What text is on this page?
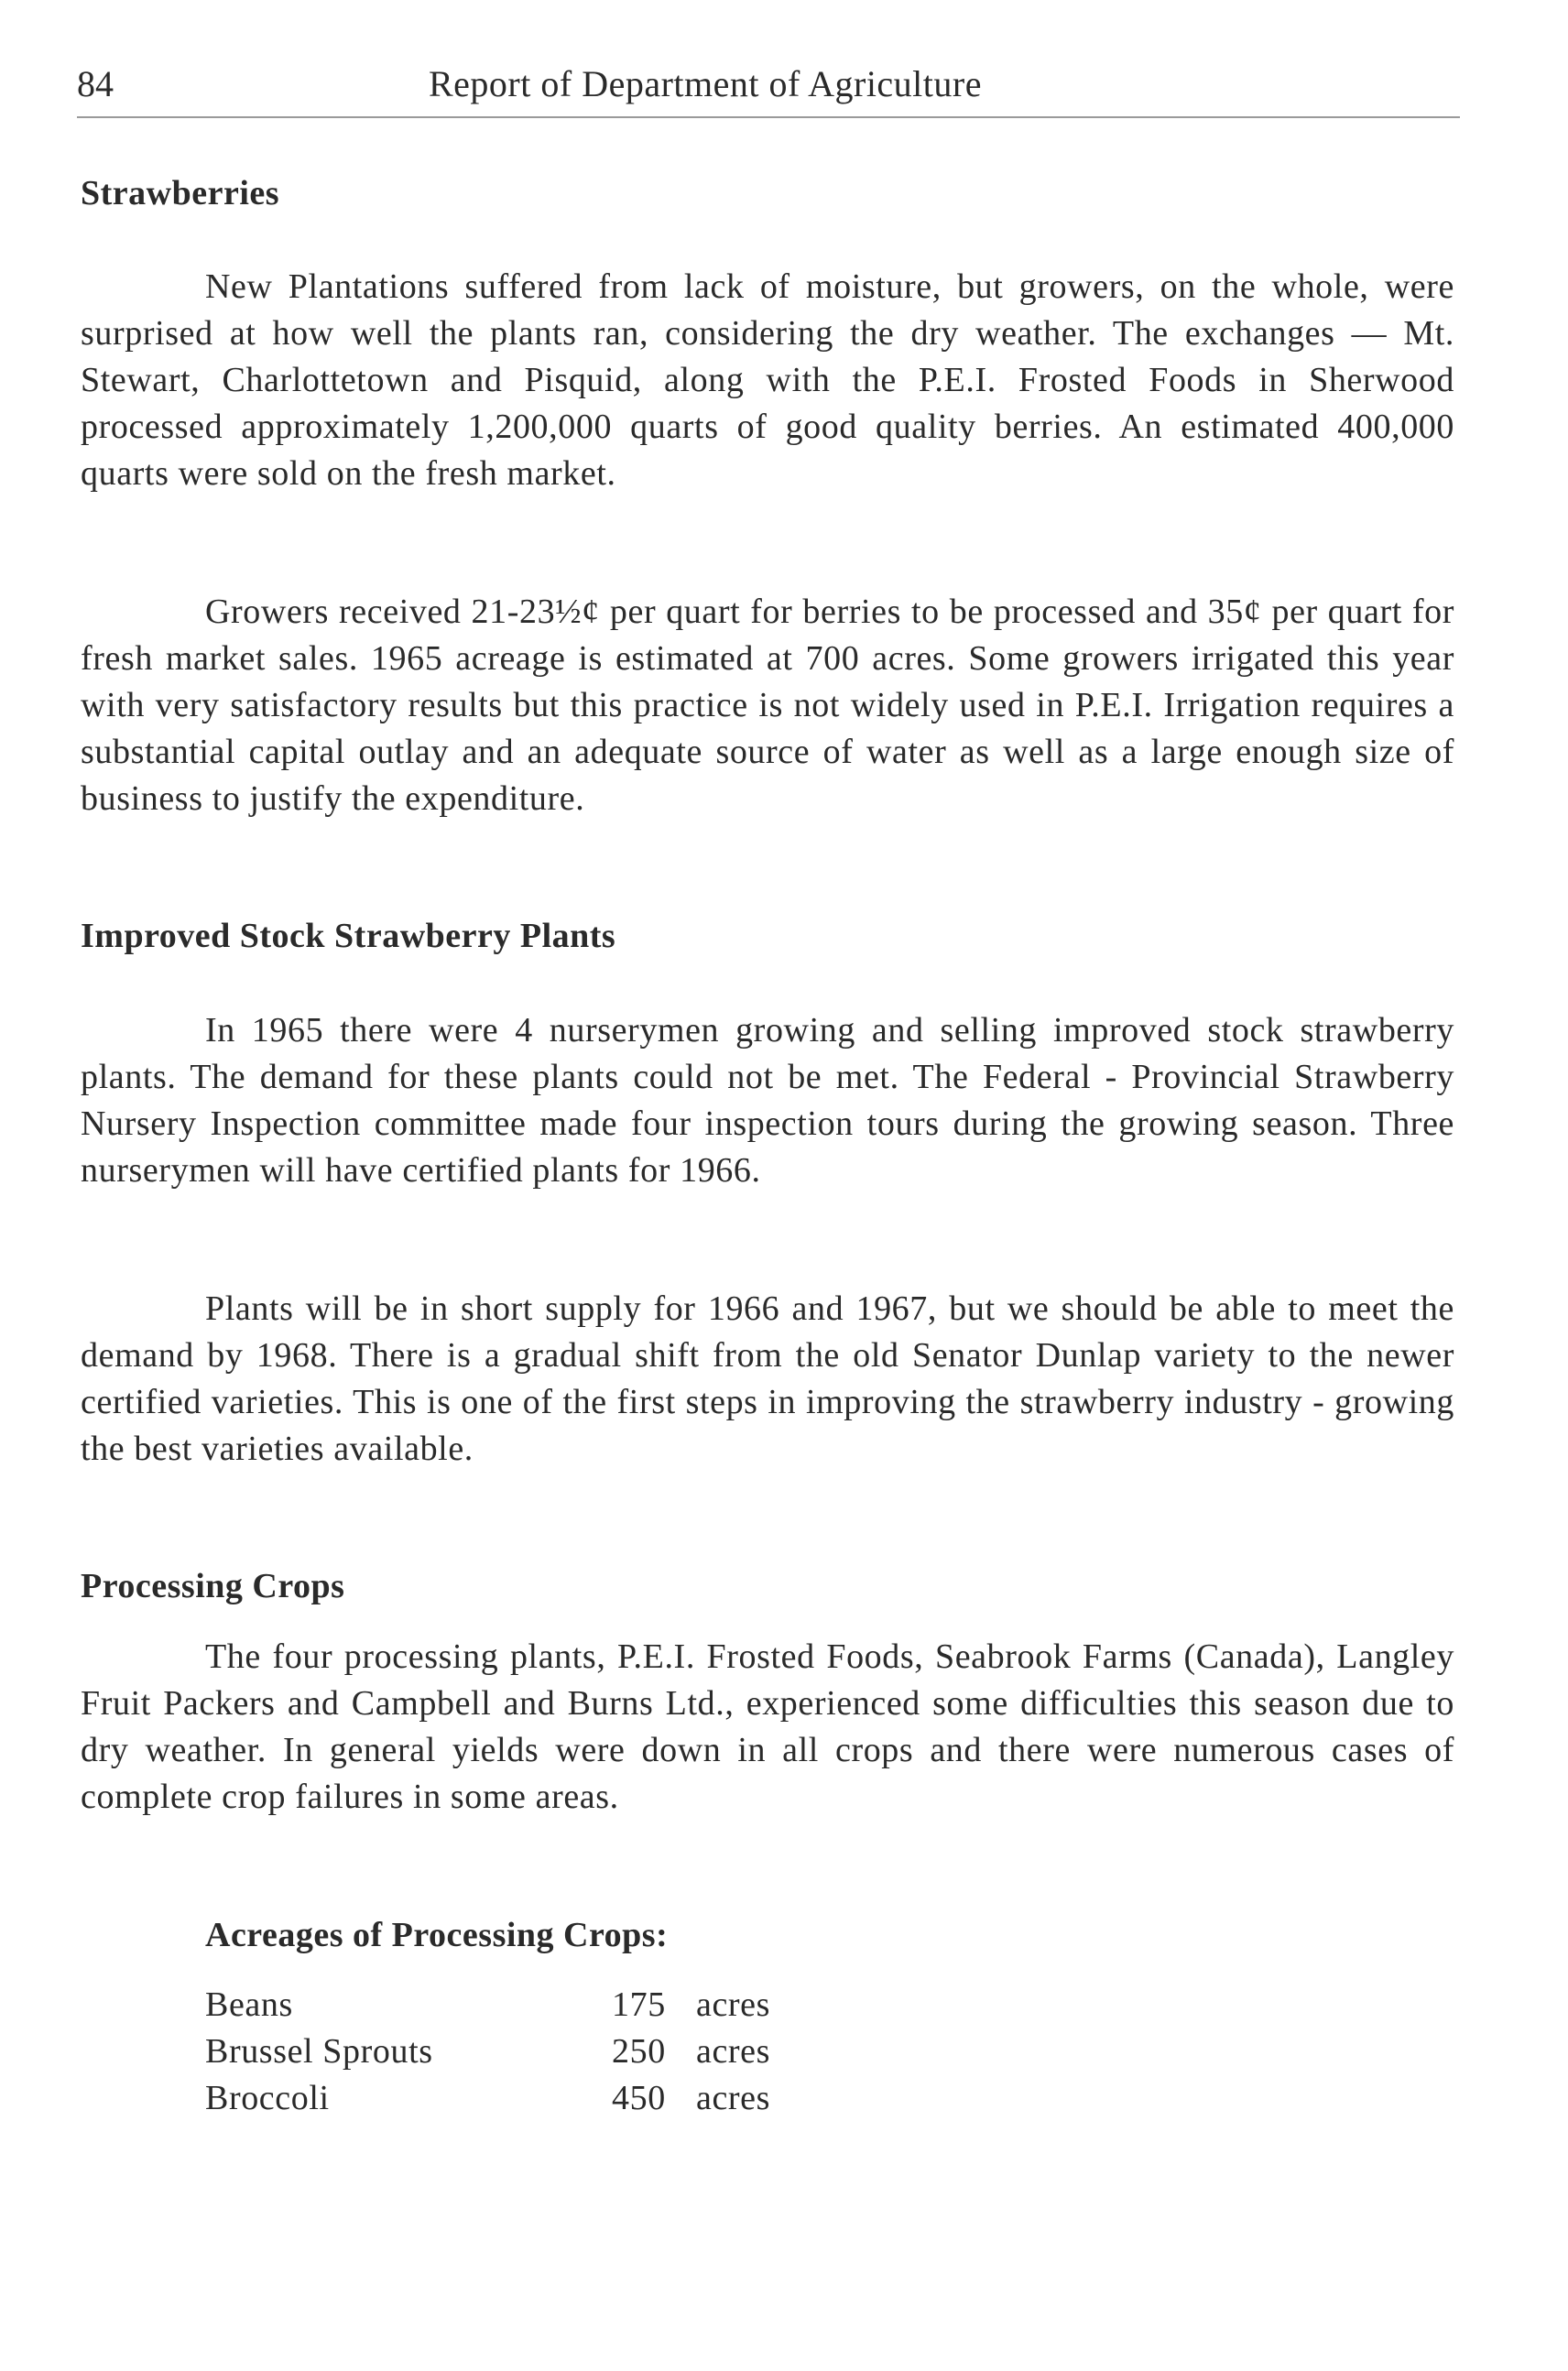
84	Report of Department of Agriculture
Strawberries

New Plantations suffered from lack of moisture, but growers, on the whole, were surprised at how well the plants ran, considering the dry weather. The exchanges — Mt. Stewart, Charlottetown and Pisquid, along with the P.E.I. Frosted Foods in Sherwood processed approximately 1,200,000 quarts of good quality berries. An estimated 400,000 quarts were sold on the fresh market.

Growers received 21-23½¢ per quart for berries to be processed and 35¢ per quart for fresh market sales. 1965 acreage is estimated at 700 acres. Some growers irrigated this year with very satisfactory results but this practice is not widely used in P.E.I. Irrigation requires a substantial capital outlay and an adequate source of water as well as a large enough size of business to justify the expenditure.

Improved Stock Strawberry Plants

In 1965 there were 4 nurserymen growing and selling improved stock strawberry plants. The demand for these plants could not be met. The Federal - Provincial Strawberry Nursery Inspection committee made four inspection tours during the growing season. Three nurserymen will have certified plants for 1966.

Plants will be in short supply for 1966 and 1967, but we should be able to meet the demand by 1968. There is a gradual shift from the old Senator Dunlap variety to the newer certified varieties. This is one of the first steps in improving the strawberry industry - growing the best varieties available.

Processing Crops

The four processing plants, P.E.I. Frosted Foods, Seabrook Farms (Canada), Langley Fruit Packers and Campbell and Burns Ltd., experienced some difficulties this season due to dry weather. In general yields were down in all crops and there were numerous cases of complete crop failures in some areas.

Acreages of Processing Crops:
Beans	175	acres
Brussel Sprouts	250	acres
Broccoli	450	acres
